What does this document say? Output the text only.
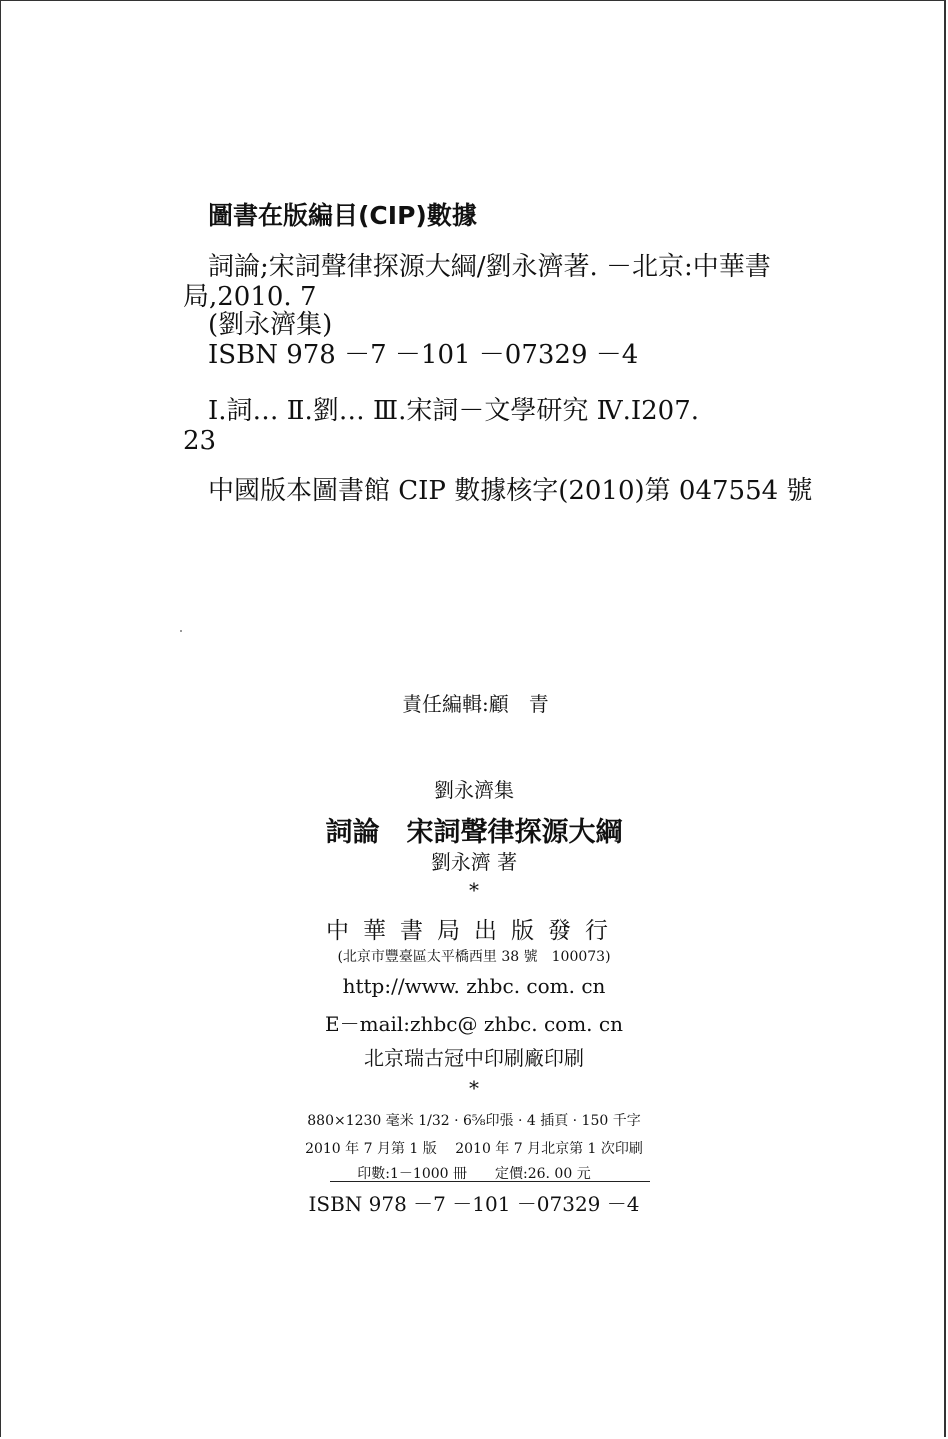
圖書在版編目(CIP)數據
詞論;宋詞聲律探源大綱/劉永濟著. －北京:中華書
局,2010. 7
(劉永濟集)
ISBN 978 －7 －101 －07329 －4
Ⅰ.詞… Ⅱ.劉… Ⅲ.宋詞－文學研究 Ⅳ.I207.
23
中國版本圖書館 CIP 數據核字(2010)第 047554 號
責任編輯:顧　青
劉永濟集
詞論　宋詞聲律探源大綱
劉永濟 著
*
中華書局出版發行
(北京市豐臺區太平橋西里 38 號　100073)
http://www. zhbc. com. cn
E－mail:zhbc@ zhbc. com. cn
北京瑞古冠中印刷廠印刷
*
880×1230 毫米 1/32 · 6⅝印張 · 4 插頁 · 150 千字
2010 年 7 月第 1 版　 2010 年 7 月北京第 1 次印刷
印數:1－1000 冊　　定價:26. 00 元
ISBN 978 －7 －101 －07329 －4
